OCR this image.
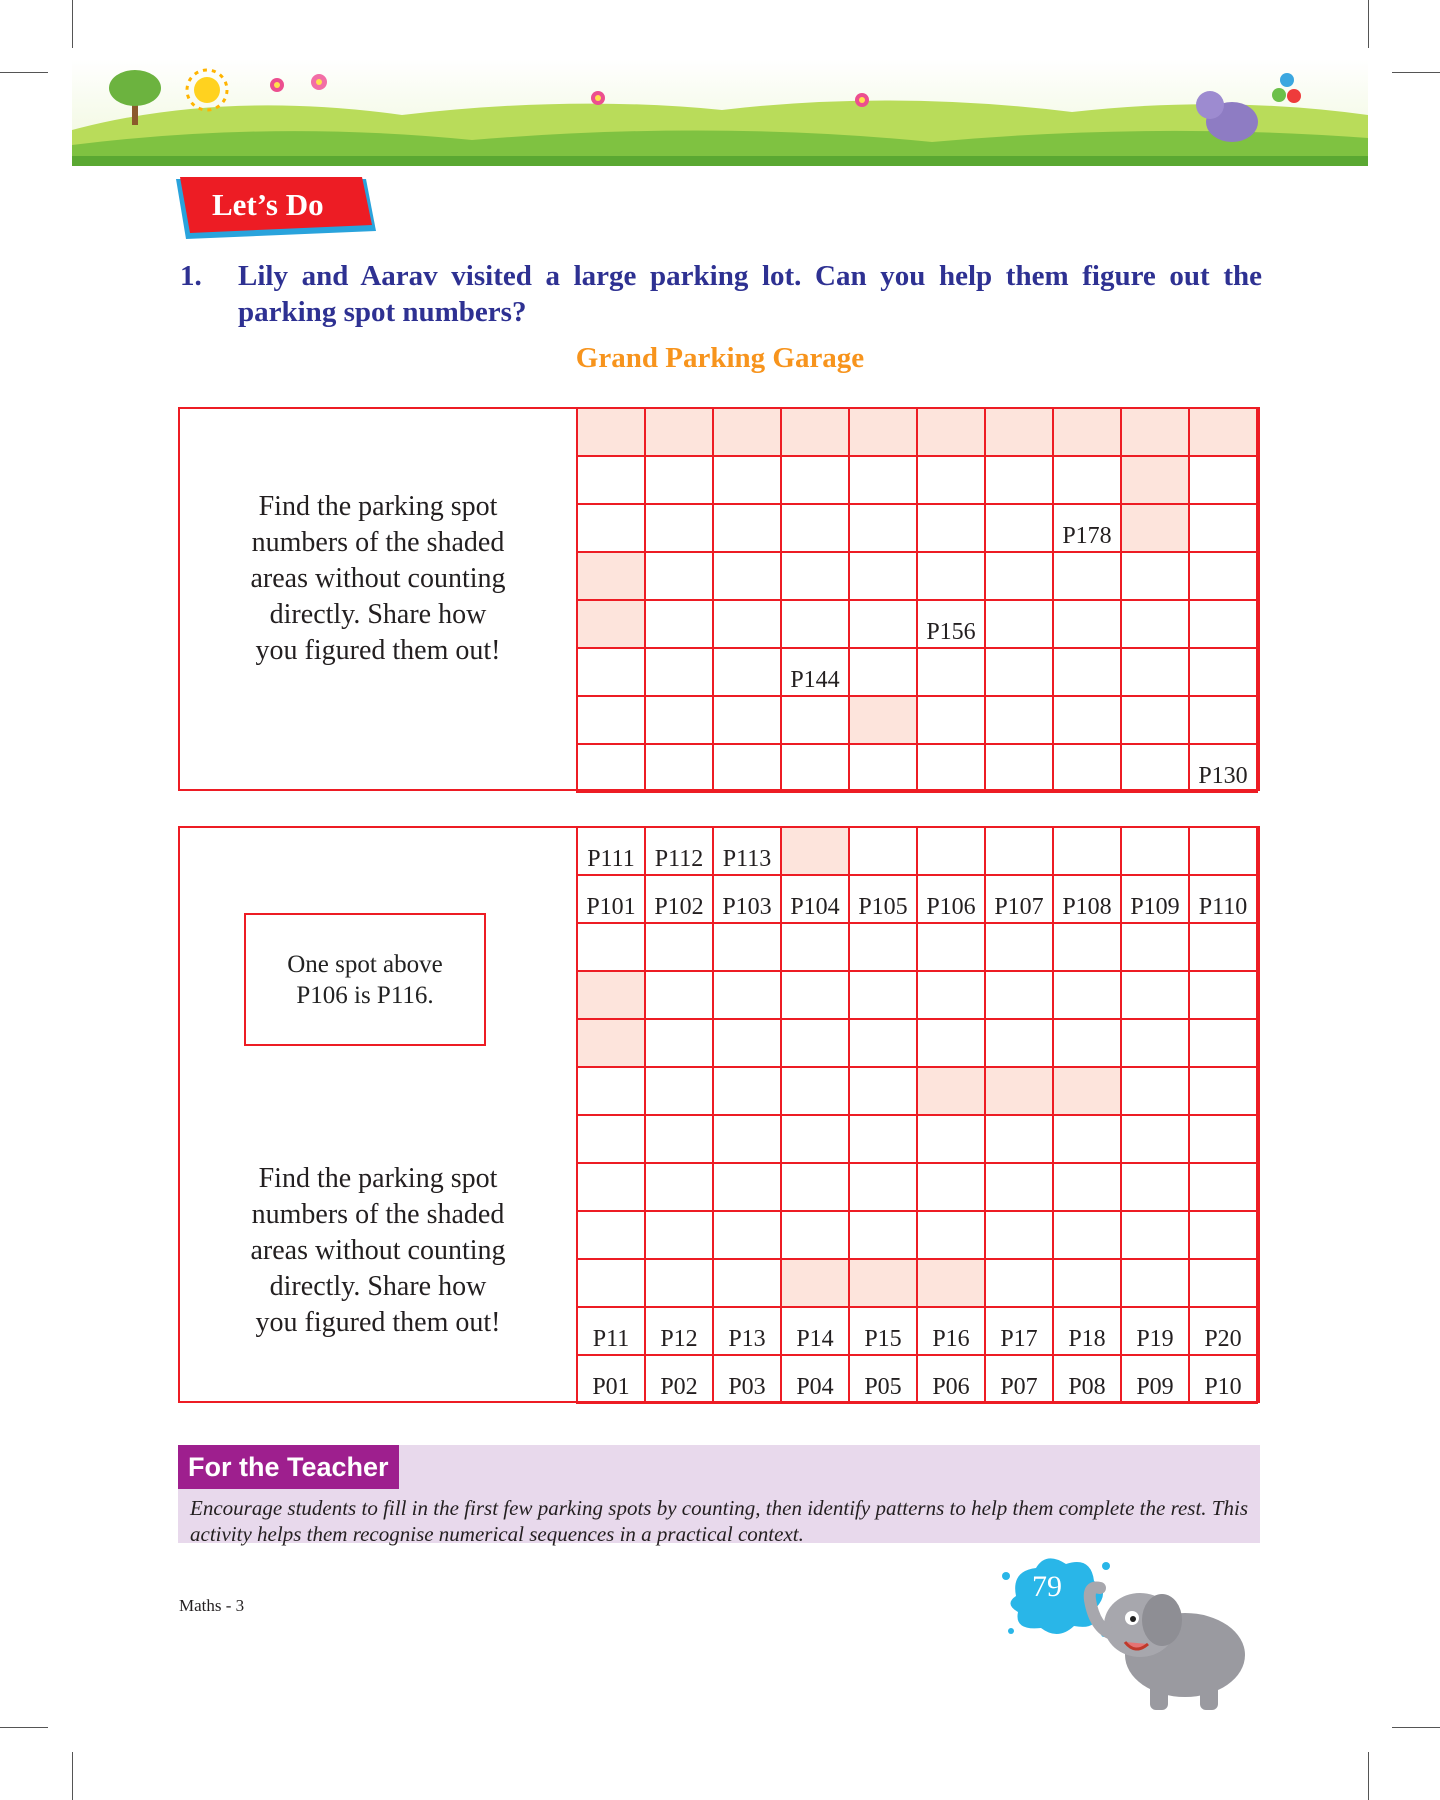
Let’s Do
1. Lily and Aarav visited a large parking lot. Can you help them figure out the parking spot numbers?
Grand Parking Garage
Find the parking spot
numbers of the shaded
areas without counting
directly. Share how
you figured them out!

							P178		

					P156				
			P144						

									P130
One spot above
P106 is P116.
Find the parking spot
numbers of the shaded
areas without counting
directly. Share how
you figured them out!
P111	P112	P113							
P101	P102	P103	P104	P105	P106	P107	P108	P109	P110

P11	P12	P13	P14	P15	P16	P17	P18	P19	P20
P01	P02	P03	P04	P05	P06	P07	P08	P09	P10
For the Teacher
Encourage students to fill in the first few parking spots by counting, then identify patterns to help them complete the rest. This activity helps them recognise numerical sequences in a practical context.
Maths - 3
79
